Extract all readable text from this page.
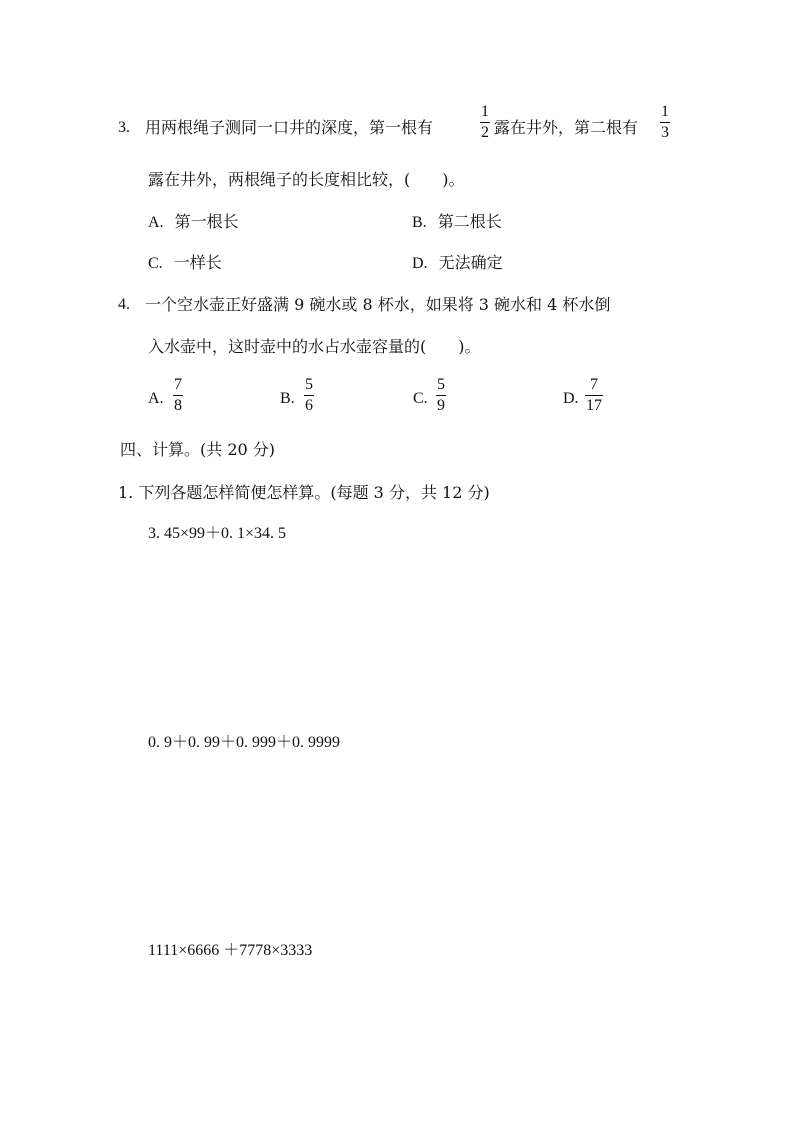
3. 用两根绳子测同一口井的深度，第一根有
1
2 露在井外，第二根有
1
3
露在井外，两根绳子的长度相比较，(　　)。
A. 第一根长	B. 第二根长
C. 一样长	D. 无法确定
4. 一个空水壶正好盛满 9 碗水或 8 杯水，如果将 3 碗水和 4 杯水倒
入水壶中，这时壶中的水占水壶容量的(　　)。
A.
7
8	B.
5
6	C.
5
9	D.
7
17
四、计算。(共 20 分)
1. 下列各题怎样简便怎样算。(每题 3 分，共 12 分)
3. 45×99＋0. 1×34. 5
0. 9＋0. 99＋0. 999＋0. 9999
1111×6666 ＋7778×3333
